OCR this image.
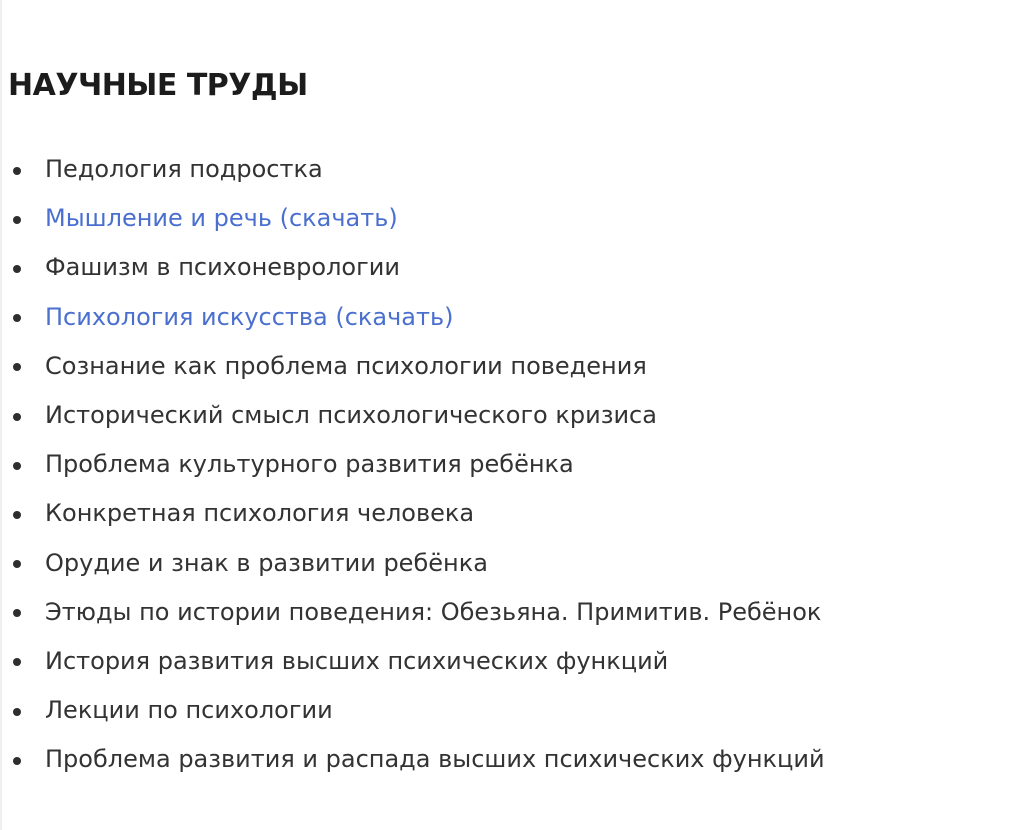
НАУЧНЫЕ ТРУДЫ
Педология подростка
Мышление и речь (скачать)
Фашизм в психоневрологии
Психология искусства (скачать)
Сознание как проблема психологии поведения
Исторический смысл психологического кризиса
Проблема культурного развития ребёнка
Конкретная психология человека
Орудие и знак в развитии ребёнка
Этюды по истории поведения: Обезьяна. Примитив. Ребёнок
История развития высших психических функций
Лекции по психологии
Проблема развития и распада высших психических функций
